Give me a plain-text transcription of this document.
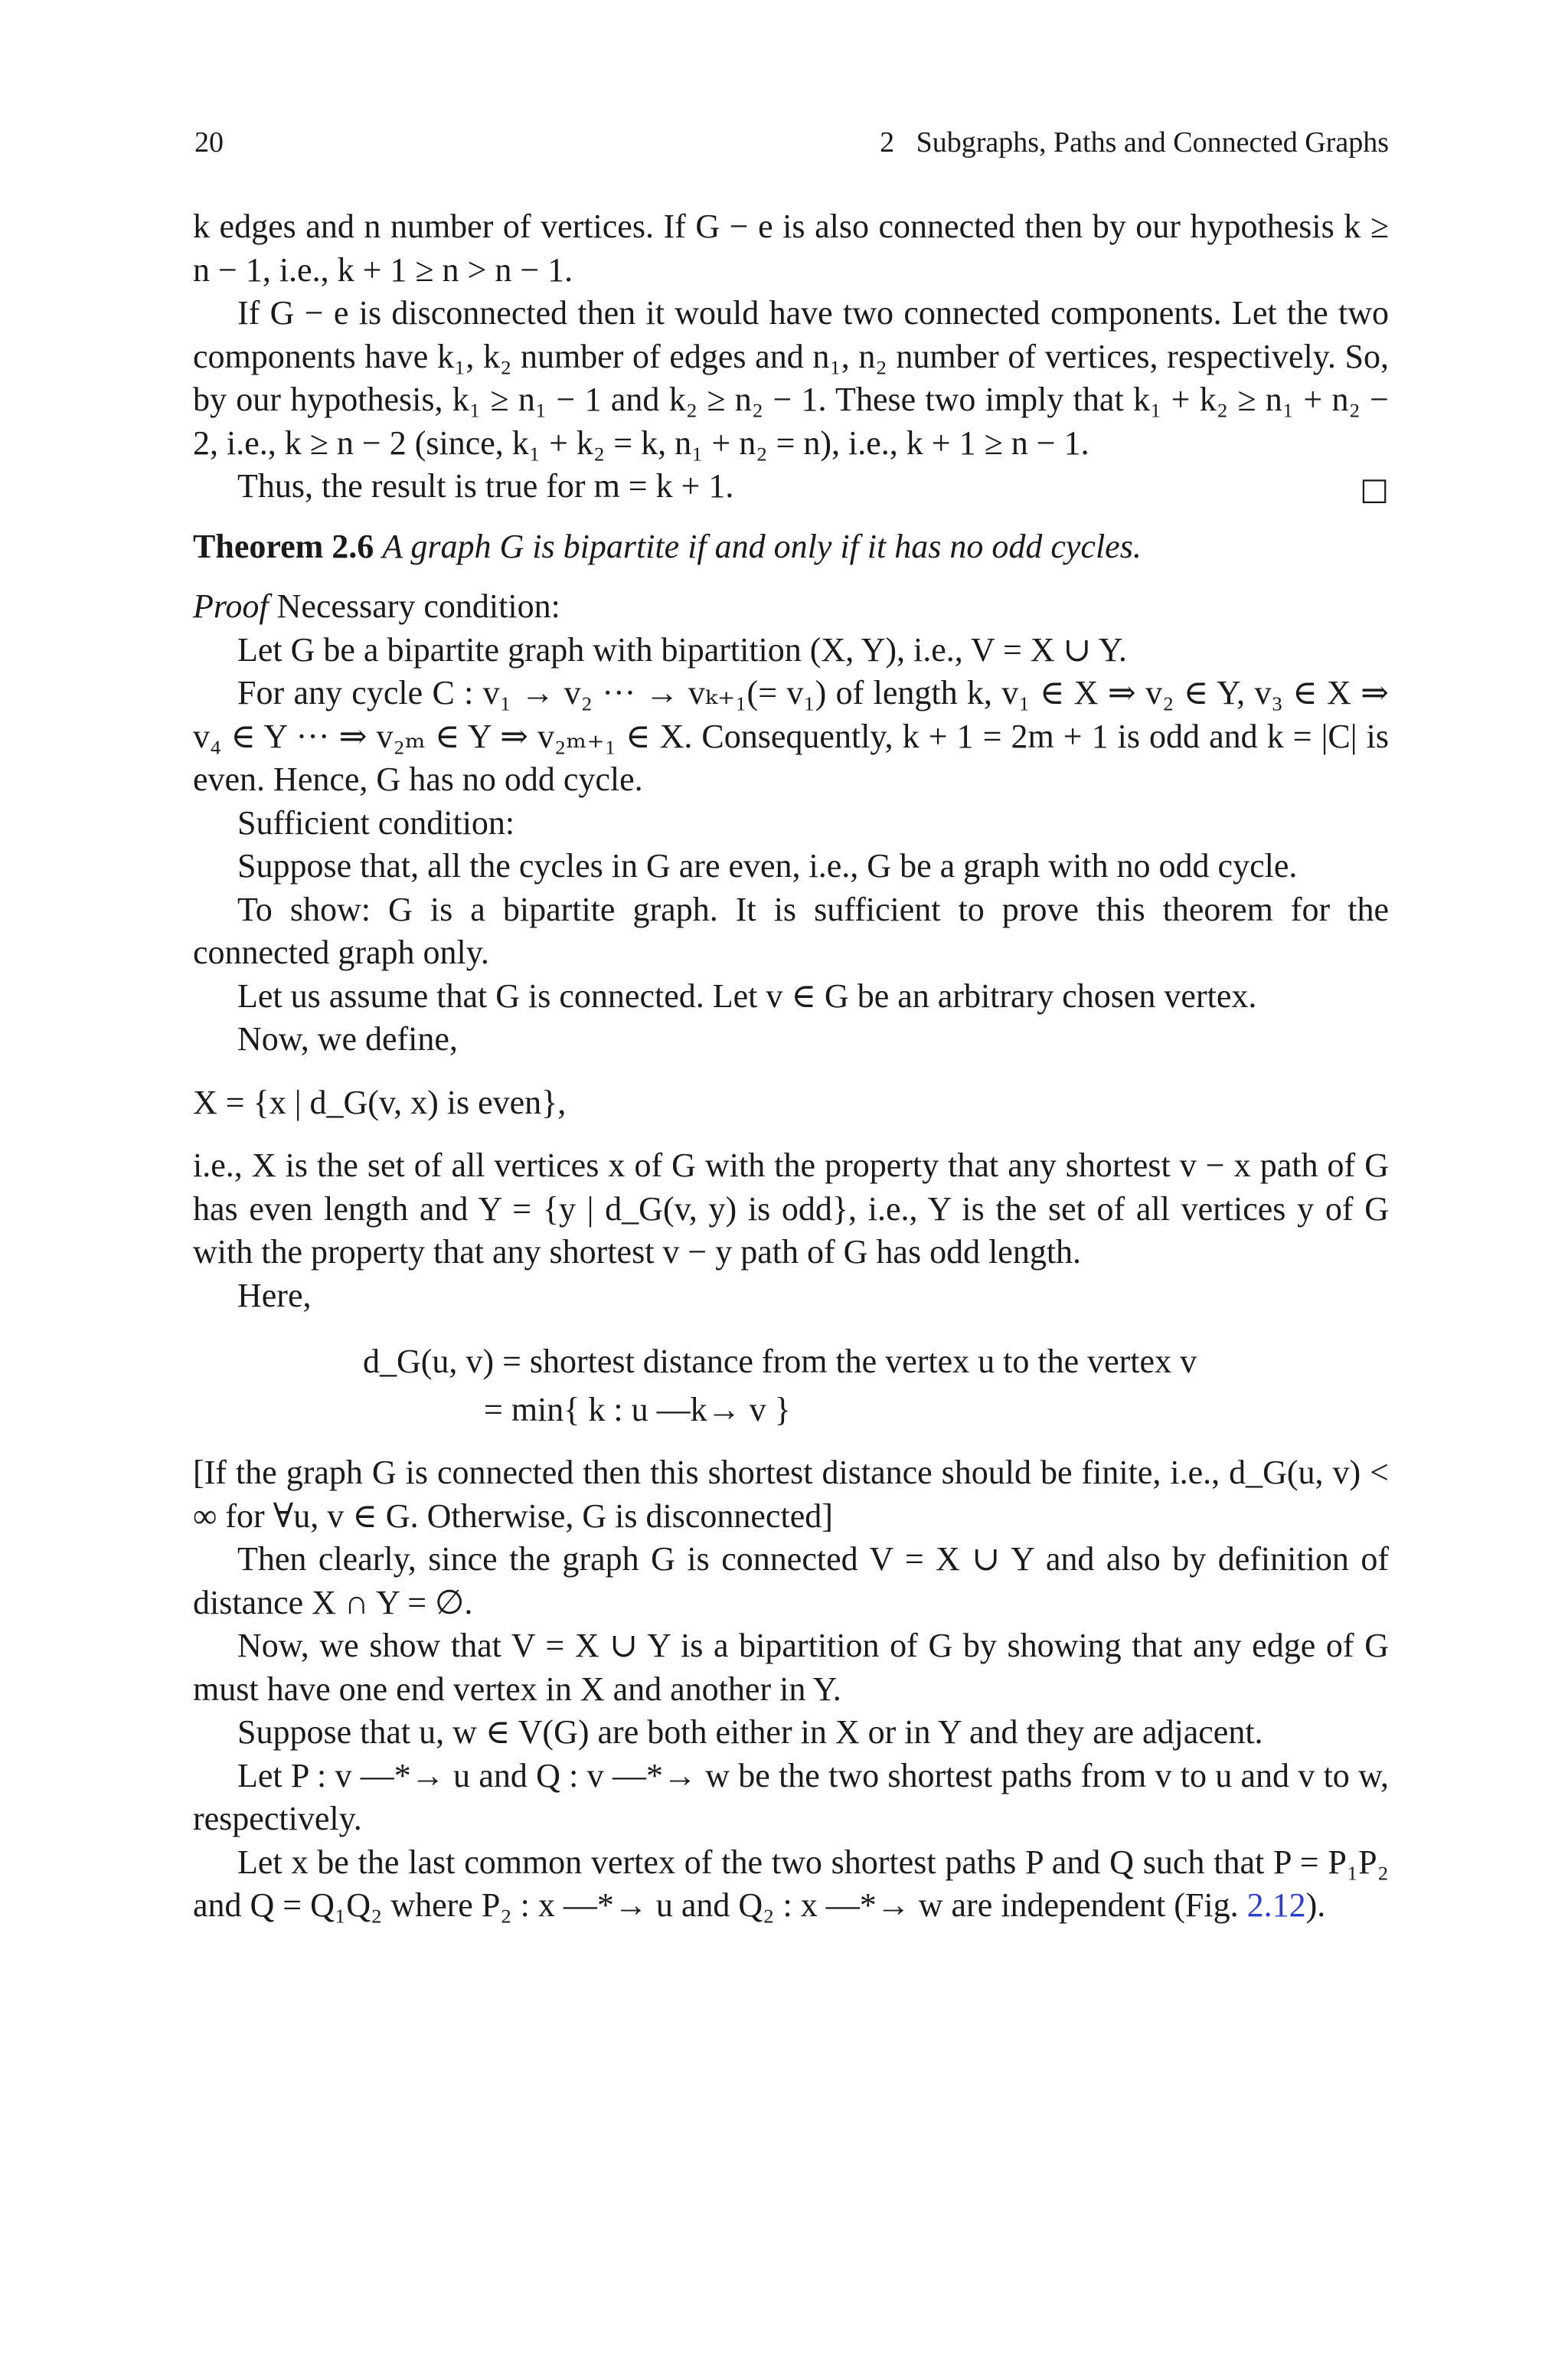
20	2   Subgraphs, Paths and Connected Graphs

k edges and n number of vertices. If G − e is also connected then by our hypothesis k ≥ n − 1, i.e., k + 1 ≥ n > n − 1.

If G − e is disconnected then it would have two connected components. Let the two components have k₁, k₂ number of edges and n₁, n₂ number of vertices, respectively. So, by our hypothesis, k₁ ≥ n₁ − 1 and k₂ ≥ n₂ − 1. These two imply that k₁ + k₂ ≥ n₁ + n₂ − 2, i.e., k ≥ n − 2 (since, k₁ + k₂ = k, n₁ + n₂ = n), i.e., k + 1 ≥ n − 1.

Thus, the result is true for m = k + 1.	□

Theorem 2.6 A graph G is bipartite if and only if it has no odd cycles.

Proof Necessary condition:

Let G be a bipartite graph with bipartition (X, Y), i.e., V = X ∪ Y.

For any cycle C : v₁ → v₂ ··· → vₖ₊₁(= v₁) of length k, v₁ ∈ X ⇒ v₂ ∈ Y, v₃ ∈ X ⇒ v₄ ∈ Y ··· ⇒ v₂ₘ ∈ Y ⇒ v₂ₘ₊₁ ∈ X. Consequently, k + 1 = 2m + 1 is odd and k = |C| is even. Hence, G has no odd cycle.

Sufficient condition:

Suppose that, all the cycles in G are even, i.e., G be a graph with no odd cycle.

To show: G is a bipartite graph. It is sufficient to prove this theorem for the connected graph only.

Let us assume that G is connected. Let v ∈ G be an arbitrary chosen vertex.

Now, we define,

X = {x | d_G(v, x) is even},

i.e., X is the set of all vertices x of G with the property that any shortest v − x path of G has even length and Y = {y | d_G(v, y) is odd}, i.e., Y is the set of all vertices y of G with the property that any shortest v − y path of G has odd length.

Here,

d_G(u, v) = shortest distance from the vertex u to the vertex v
= min{ k : u —k→ v }

[If the graph G is connected then this shortest distance should be finite, i.e., d_G(u, v) < ∞ for ∀u, v ∈ G. Otherwise, G is disconnected]

Then clearly, since the graph G is connected V = X ∪ Y and also by definition of distance X ∩ Y = ∅.

Now, we show that V = X ∪ Y is a bipartition of G by showing that any edge of G must have one end vertex in X and another in Y.

Suppose that u, w ∈ V(G) are both either in X or in Y and they are adjacent.

Let P : v —*→ u and Q : v —*→ w be the two shortest paths from v to u and v to w, respectively.

Let x be the last common vertex of the two shortest paths P and Q such that P = P₁P₂ and Q = Q₁Q₂ where P₂ : x —*→ u and Q₂ : x —*→ w are independent (Fig. 2.12).
